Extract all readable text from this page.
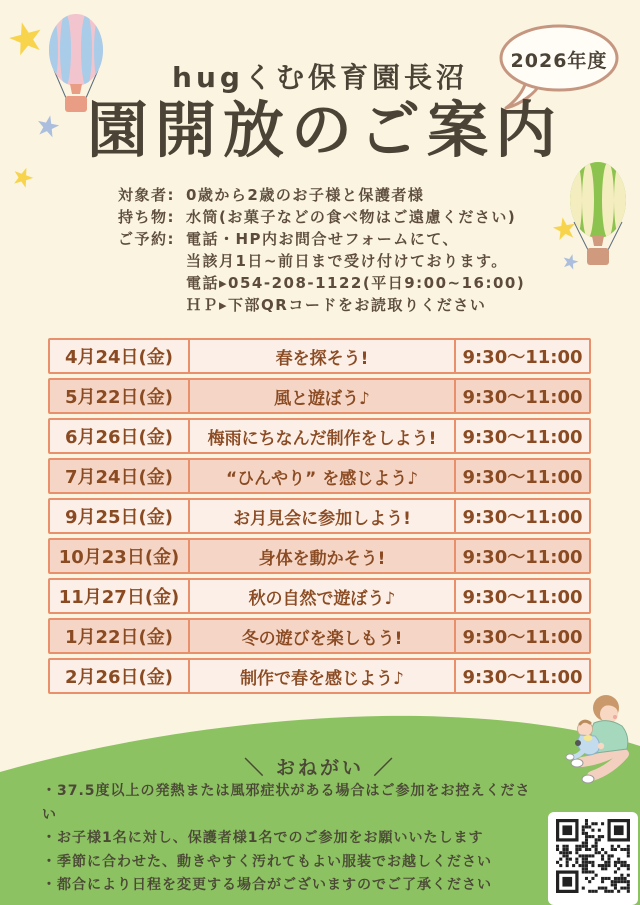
2026年度
hugくむ保育園長沼
園開放のご案内
対象者: 0歳から2歳のお子様と保護者様
持ち物: 水筒(お菓子などの食べ物はご遠慮ください)
ご予約: 電話・HP内お問合せフォームにて、
当該月1日~前日まで受け付けております。
電話▸054-208-1122(平日9:00~16:00)
ＨＰ▸下部QRコードをお読取りください
4月24日(金)	春を探そう!	9:30～11:00
5月22日(金)	風と遊ぼう♪	9:30～11:00
6月26日(金)	梅雨にちなんだ制作をしよう!	9:30～11:00
7月24日(金)	“ひんやり” を感じよう♪	9:30～11:00
9月25日(金)	お月見会に参加しよう!	9:30～11:00
10月23日(金)	身体を動かそう!	9:30～11:00
11月27日(金)	秋の自然で遊ぼう♪	9:30～11:00
1月22日(金)	冬の遊びを楽しもう!	9:30～11:00
2月26日(金)	制作で春を感じよう♪	9:30～11:00
＼ おねがい ／
・37.5度以上の発熱または風邪症状がある場合はご参加をお控えください
・お子様1名に対し、保護者様1名でのご参加をお願いいたします
・季節に合わせた、動きやすく汚れてもよい服装でお越しください
・都合により日程を変更する場合がございますのでご了承ください
